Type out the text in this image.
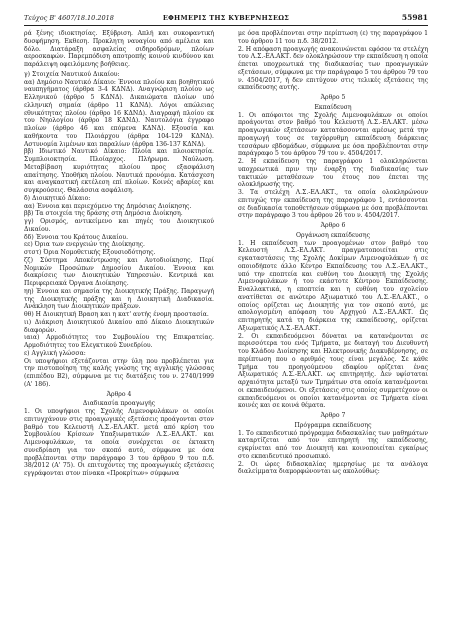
Τεύχος Β' 4607/18.10.2018	ΕΦΗΜΕΡΙΣ ΤΗΣ ΚΥΒΕΡΝΗΣΕΩΣ	55981

ρά ξένης ιδιοκτησίας. Εξύβριση. Απλή και συκοφαντική δυσφήμηση. Εκθεση. Προκλητη ναυαγίου από αμέλεια και δόλο. Διατάραξη ασφαλείας σιδηροδρόμων, πλοίων αεροσκαφών. Παρεμπόδιση αποτροπής κοινού κινδύνου και παράλειψη οφειλόμενης βοήθειας.

γ) Στοιχεία Ναυτικού Δικαίου:

αα) Δημόσιο Ναυτικό Δίκαιο: Έννοια πλοίου και βοηθητικού ναυπηγήματος (άρθρα 3-4 ΚΔΝΔ). Αναγνώριση πλοίου ως Ελληνικού (άρθρο 5 ΚΔΝΔ). Δικαιώματα πλοίων υπό ελληνική σημαία (άρθρο 11 ΚΔΝΔ). Λόγοι απώλειας εθνικότητας πλοίου (άρθρο 16 ΚΔΝΔ). Διαγραφή πλοίου εκ του Νηολογίου (άρθρο 18 ΚΔΝΔ). Ναυτολόγια έγγραφο πλοίων (άρθρο 46 και επόμενα ΚΔΝΔ). Εξουσία και καθήκοντα του Πλοιάρχου (άρθρα 104-129 ΚΔΝΔ). Αστυνομία λιμένων και παραλίων (άρθρα 136-137 ΚΔΝΔ).

ββ) Ιδιωτικό Ναυτικό Δίκαιο: Πλοία και πλοιοκτησία. Συμπλοιοκτησία. Πλοίαρχος. Πλήρωμα. Ναύλωση. Μεταβίβαση κυριότητας πλοίου προς εξασφάλιση απαίτησης. Υποθήκη πλοίου. Ναυτικά προνόμια. Κατάσχεση και αναγκαστική εκτέλεση επί πλοίων. Κοινές αβαρίες και συγκρούσεις. Θαλάσσια ασφάλιση.

δ) Διοικητικό Δίκαιο:

αα) Έννοια και περιεχόμενο της Δημόσιας Διοίκησης.

ββ) Τα στοιχεία της δράσης στη Δημόσια Διοίκηση.

γγ) Ορισμός, αντικείμενο και πηγές του Διοικητικού Δικαίου.

δδ) Έννοια του Κράτους Δικαίου.

εε) Όρια των ενεργειών της Διοίκησης.

στστ) Όρια Νομοθετικής Εξουσιοδότησης.

ζζ) Σύστημα Αποκέντρωσης και Αυτοδιοίκησης. Περί Νομικών Προσώπων Δημοσίου Δικαίου. Έννοια και διακρίσεις των Διοικητικών Υπηρεσιών. Κεντρικά και Περιφερειακά Όργανα Διοίκησης.

ηη) Έννοια και σημασία της Διοικητικής Πράξης. Παραγωγή της Διοικητικής πράξης και η Διοικητική Διαδικασία. Ανάκληση των Διοικητικών πράξεων.

θθ) Η Διοικητική Βραση και η κατ' αυτής ένομη προστασία.

ιι) Διάκριση Διοικητικού Δικαίου από Δίκαιο Διοικητικών διαφορών.

ιαια) Αρμοδιότητες του Συμβουλίου της Επικρατείας. Αρμοδιότητες του Ελεγκτικού Συνεδρίου.

ε) Αγγλική γλώσσα:

Οι υποψήφιοι εξετάζονται στην ύλη που προβλέπεται για την πιστοποίηση της καλής γνώσης της αγγλικής γλώσσας (επιπέδου Β2), σύμφωνα με τις διατάξεις του ν. 2740/1999 (Α' 186).

Άρθρο 4

Διαδικασία προαγωγής

1. Οι υποψήφιοι της Σχολής Λιμενοφυλάκων οι οποίοι επιτυγχάνουν στις προαγωγικές εξετάσεις προάγονται στον βαθμό του Κελευστή Λ.Σ.-ΕΛ.ΑΚΤ. μετά από κρίση του Συμβουλίου Κρίσεων Υπαξιωματικών Λ.Σ.-ΕΛ.ΑΚΤ. και Λιμενοφυλάκων, τα οποία συνέρχεται σε έκτακτη συνεδρίαση για τον σκοπό αυτό, σύμφωνα με όσα προβλέπονται στην παράγραφο 3 του άρθρου 9 του π.δ. 38/2012 (Α' 75). Οι επιτυχόντες της προαγωγικές εξετάσεις εγγράφονται στον πίνακα «Προκρίτων» σύμφωνα

με όσα προβλέπονται στην περίπτωση (ε) της παραγράφου 1 του άρθρου 11 του π.δ. 38/2012.

2. Η απόφαση προαγωγής ανακοινώνεται εφόσον τα στελέχη του Λ.Σ.-ΕΛ.ΑΚΤ. δεν ολοκληρώσουν την εκπαίδευση η οποία έπεται υποχρεωτικά της διαδικασίας των προαγωγικών εξετάσεων, σύμφωνα με την παράγραφο 5 του άρθρου 79 του ν. 4504/2017, ή δεν επιτύχουν στις τελικές εξετάσεις της εκπαίδευσης αυτής.

Άρθρο 5

Εκπαίδευση

1. Οι απόφοιτοι της Σχολής Λιμενοφυλάκων οι οποίοι προάγονται στον βαθμό του Κελευστή Λ.Σ.-ΕΛ.ΑΚΤ. μέσω προαγωγικών εξετάσεων κατατάσσονται αμέσως μετά την προαγωγή τους σε ταχύρρυθμη εκπαίδευση διάρκειας τεσσάρων εβδομάδων, σύμφωνα με όσα προβλέπονται στην παράγραφο 5 του άρθρου 79 του ν. 4504/2017.

2. Η εκπαίδευση της παραγράφου 1 ολοκληρώνεται υποχρεωτικά πριν την έναρξη της διαδικασίας των τακτικών μεταθέσεων του έτους που έπεται της ολοκλήρωσής της.

3. Τα στελέχη Λ.Σ.-ΕΛ.ΑΚΤ., τα οποία ολοκληρώνουν επιτυχώς την εκπαίδευση της παραγράφου 1, εντάσσονται σε διαδικασία τοποθετήσεων σύμφωνα με όσα προβλέπονται στην παράγραφο 3 του άρθρου 26 του ν. 4504/2017.

Άρθρο 6

Οργάνωση εκπαίδευσης

1. Η εκπαίδευση των προαγομένων στον βαθμό του Κελευστή Λ.Σ.-ΕΛ.ΑΚΤ. πραγματοποιείται στις εγκαταστάσεις της Σχολής Δοκίμων Λιμενοφυλάκων ή σε οποιοδήποτε άλλο Κέντρο Εκπαίδευσης του Λ.Σ.-ΕΛ.ΑΚΤ., υπό την εποπτεία και ευθύνη του Διοικητή της Σχολής Λιμενοφυλάκων ή του εκάστοτε Κέντρου Εκπαίδευσης. Εναλλακτικά, η εποπτεία και η ευθύνη του σχολείου ανατίθεται σε ανώτερο Αξιωματικό του Λ.Σ.-ΕΛ.ΑΚΤ., ο οποίος ορίζεται ως Διοικητής για τον σκοπό αυτό, με απολογισμένη απόφαση του Αρχηγού Λ.Σ.-ΕΛ.ΑΚΤ. Ως επιτηρητής κατά τη διάρκεια της εκπαίδευσης, ορίζεται Αξιωματικός Λ.Σ.-ΕΛ.ΑΚΤ.

2. Οι εκπαιδευόμενοι δύναται να κατανέμονται σε περισσότερα του ενός Τμήματα, με διαταγή του Διευθυντή του Κλάδου Διοίκησης και Ηλεκτρονικής Διακυβέρνησης, σε περίπτωση που ο αριθμός τους είναι μεγάλος. Σε κάθε Τμήμα του προηγούμενου εδαφίου ορίζεται ένας Αξιωματικός Λ.Σ.-ΕΛ.ΑΚΤ. ως επιτηρητής. Δεν υφίσταται αρχαιότητα μεταξύ των Τμημάτων στα οποία κατανέμονται οι εκπαιδευόμενοι. Οι εξετάσεις στις οποίες συμμετέχουν οι εκπαιδευόμενοι οι οποίοι κατανέμονται σε Τμήματα είναι κοινές και σε κοινά θέματα.

Άρθρο 7

Πρόγραμμα εκπαίδευσης

1. Το εκπαιδευτικό πρόγραμμα διδασκαλίας των μαθημάτων καταρτίζεται από τον επιτηρητή της εκπαίδευσης, εγκρίνεται από τον Διοικητή και κοινοποιείται εγκαίρως στο εκπαιδευτικό προσωπικό.

2. Οι ώρες διδασκαλίας ημερησίως με τα ανάλογα διαλείμματα διαμορφώνονται ως ακολούθως:
